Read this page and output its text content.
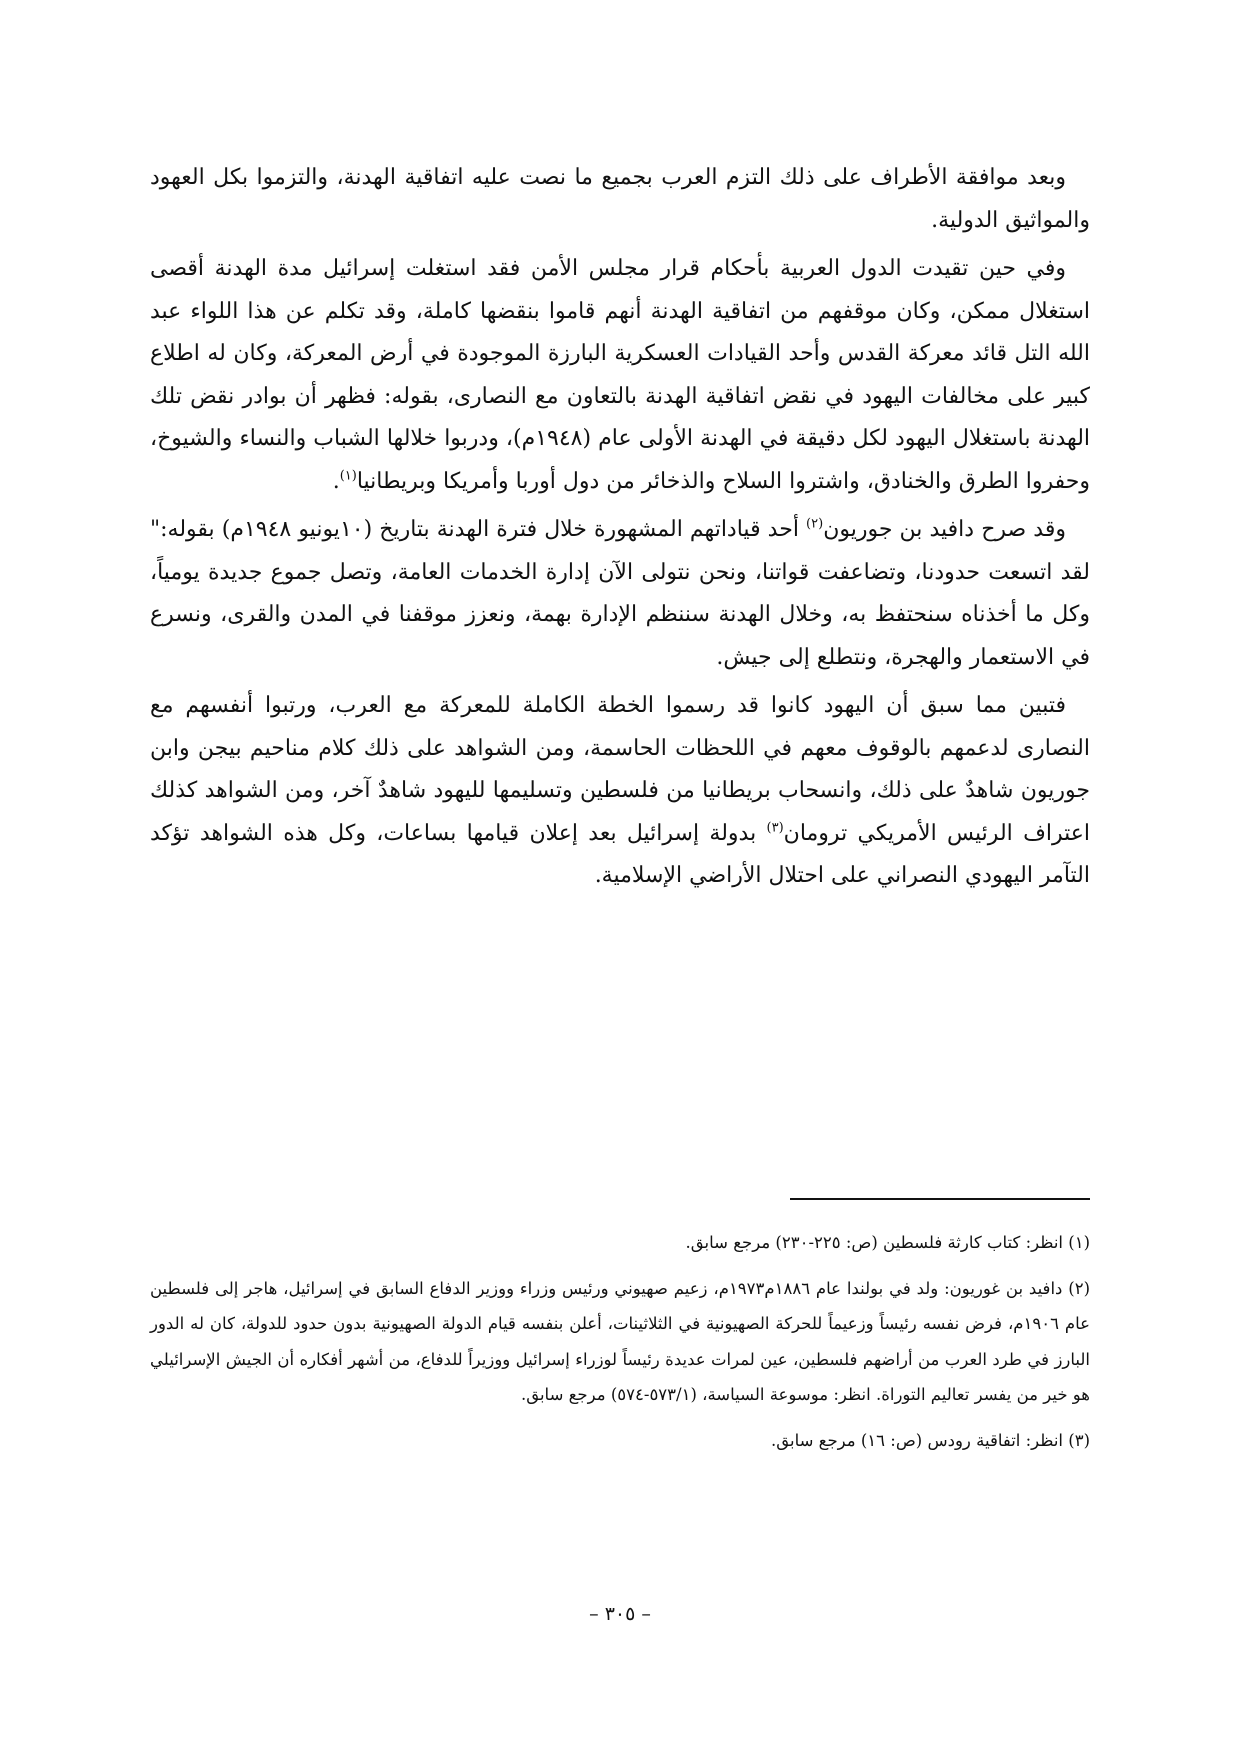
وبعد موافقة الأطراف على ذلك التزم العرب بجميع ما نصت عليه اتفاقية الهدنة، والتزموا بكل العهود والمواثيق الدولية.

وفي حين تقيدت الدول العربية بأحكام قرار مجلس الأمن فقد استغلت إسرائيل مدة الهدنة أقصى استغلال ممكن، وكان موقفهم من اتفاقية الهدنة أنهم قاموا بنقضها كاملة، وقد تكلم عن هذا اللواء عبد الله التل قائد معركة القدس وأحد القيادات العسكرية البارزة الموجودة في أرض المعركة، وكان له اطلاع كبير على مخالفات اليهود في نقض اتفاقية الهدنة بالتعاون مع النصارى، بقوله: فظهر أن بوادر نقض تلك الهدنة باستغلال اليهود لكل دقيقة في الهدنة الأولى عام (١٩٤٨م)، ودربوا خلالها الشباب والنساء والشيوخ، وحفروا الطرق والخنادق، واشتروا السلاح والذخائر من دول أوربا وأمريكا وبريطانيا$^{(١)}$.

وقد صرح دافيد بن جوريون$^{(٢)}$ أحد قياداتهم المشهورة خلال فترة الهدنة بتاريخ (١٠يونيو ١٩٤٨م) بقوله:" لقد اتسعت حدودنا، وتضاعفت قواتنا، ونحن نتولى الآن إدارة الخدمات العامة، وتصل جموع جديدة يومياً، وكل ما أخذناه سنحتفظ به، وخلال الهدنة سننظم الإدارة بهمة، ونعزز موقفنا في المدن والقرى، ونسرع في الاستعمار والهجرة، ونتطلع إلى جيش.

فتبين مما سبق أن اليهود كانوا قد رسموا الخطة الكاملة للمعركة مع العرب، ورتبوا أنفسهم مع النصارى لدعمهم بالوقوف معهم في اللحظات الحاسمة، ومن الشواهد على ذلك كلام مناحيم بيجن وابن جوريون شاهدٌ على ذلك، وانسحاب بريطانيا من فلسطين وتسليمها لليهود شاهدٌ آخر، ومن الشواهد كذلك اعتراف الرئيس الأمريكي ترومان$^{(٣)}$ بدولة إسرائيل بعد إعلان قيامها بساعات، وكل هذه الشواهد تؤكد التآمر اليهودي النصراني على احتلال الأراضي الإسلامية.

(١) انظر: كتاب كارثة فلسطين (ص: ٢٢٥-٢٣٠) مرجع سابق.

(٢) دافيد بن غوريون: ولد في بولندا عام ١٨٨٦م١٩٧٣م، زعيم صهيوني ورئيس وزراء ووزير الدفاع السابق في إسرائيل، هاجر إلى فلسطين عام ١٩٠٦م، فرض نفسه رئيساً وزعيماً للحركة الصهيونية في الثلاثينات، أعلن بنفسه قيام الدولة الصهيونية بدون حدود للدولة، كان له الدور البارز في طرد العرب من أراضهم فلسطين، عين لمرات عديدة رئيساً لوزراء إسرائيل ووزيراً للدفاع، من أشهر أفكاره أن الجيش الإسرائيلي هو خير من يفسر تعاليم التوراة. انظر: موسوعة السياسة، (٥٧٣/١-٥٧٤) مرجع سابق.

(٣) انظر: اتفاقية رودس (ص: ١٦) مرجع سابق.

– ٣٠٥ –
